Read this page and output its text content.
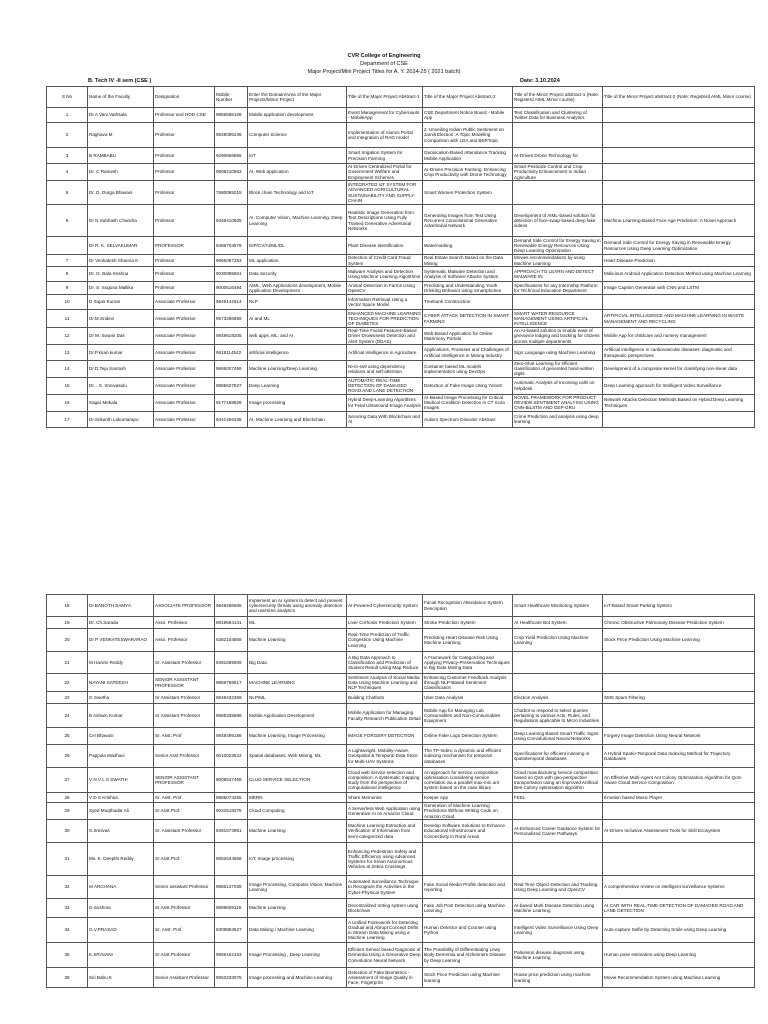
CVR College of Engineering
Department of CSE
Major Project/Mini Project Titles for A. Y. 2024-25 ( 2021 batch)
B. Tech IV -II sem (CSE )	Date: 3.10.2024
S No	Name of the Faculty	Designation	Mobile Number	Enter the Domain/Area of the Major Projects/Minor Project	Title of the Major Project Abstract-1	Title of the Major Project Abstract-2	Title of the Minor Project abstract-1 (Note: Registerd AIML Minor course)	Title of the Minor Project abstract-2 (Note: Registerd AIML Minor course)
1	Dr A Vani Vathsala	Professor and HOD CSE	9866586106	Mobile application development	Event Management for Cybernauts - MobileApp	CSE Department Notice Board - Mobile App	Text Classification and Clustering of Twitter Data for Business Analytics	
2	Raghava M	Professor	9848096236	Computer Science	Implementation of Alumni Portal and Integration of RAG model	2. Unveiling Indian Public Sentiment on Jamili Election: A Topic Modeling Comparison with LDA and BERTopic		
3	B RAMBABU	Professor	9290666865	IoT	Smart Irrigation System for Precision Farming	Geolocation-Based Attendance Tracking Mobile Application	AI-Driven Drone Technology for	
4	Dr. C Ramesh	Professor	9908210563	AI, Web application	AI-Driven Centralized Portal for Government Welfare and Employment Schemes	AI-Driven Precision Farming: Enhancing Crop Productivity with Drone Technology	Smart Pesticide Control and Crop Productivity Enhancement in Indian Agriculture	
5	Dr. D. Durga Bhavani	Professor	7680065015	Block chain Technology and IoT	INTEGRATED IoT SYSTEM FOR ADVANCED AGRICULTURAL SUSTAINABILITY AND SUPPLY CHAIN	Smart Women Protection System		
6	Dr N Subhash Chandra	Professor	9346410605	AI, Computer Vision, Machine Learning, Deep Learning	Realistic Image Generation from Text Descriptions Using Fully Trained Generative Adversarial Networks	Generating Images from Text Using Recurrent Convolutional Generative Adversarial Network	Development of AIML-based solution for detection of face-swap-based deep fake videos	Machine Learning-Based Face Age Prediction: A Novel Approach
	Dr R. K. SELVAKUMAR	PROFESSOR	9486703579	DIP/CV/AI/ML/DL	Plant Disease Identification	Watermarking	Demand Side Control for Energy Saving in Renewable Energy Resources Using Deep Learning Optimization	Demand Side Control for Energy Saving in Renewable Energy Resources Using Deep Learning Optimization
7	Dr Venkatesh Sharma K	Professor	9866087283	ML application	Detection of Credit Card Fraud System	Real Estate Search Based on the Data Mining	Movies recommendations by using Machine Learning	Heart Disease Prediction
8	Dr. G. Bala Krishna	Professor	9030995661	Data Security	Malware Analysis and Detection Using Machine Learning Algorithms	Systematic Malware Detection and Analysis of Software Attacks System	APPROACH TO LEARN AND DETECT MALWARE IN	Malicious Android Application Detection Method using Machine Learning
9	Dr. S. Suguna Mallika	Professor	9000516494	AIML, Web Applications development, Mobile Application Development	Animal Detection in Farms Using OpenCV	Predicting and Understanding Youth Drinking Behavior using Smartphones	Specifications for any Internship Platform for Technical Education Department	Image Caption Generator with CNN and LSTM
10	D Sujan Kumar	Associate Professor	9849142914	NLP	Information Retrieval Using a Vector Space Model	Treebank Construction		
11	Dr.M.Sridevi	Associate Professor	9573286859	AI and ML	ENHANCED MACHINE LEARNING TECHNIQUES FOR PREDICTION OF DIABETES	CYBER ATTACK DETECTION IN SMART FARMING	SMART WATER RESOURCE MANAGEMENT USING ARTIFICIAL INTELLIGENCE	ARTIFICIAL INTELLIGENCE AND MACHINE LEARNING IN WASTE MANAGEMENT AND RECYCLING
12	Dr M. Swami Das	Associate Professor	9849619205	web apps, ML, and AI	Real-Time Facial Features-Based Driver Drowsiness Detection and Alert System (DDAS)	Web-Based Application for Online Matrimony Portals	An AI-based solution to enable ease of grievance lodging and tracking for citizens across multiple departments	Mobile App for childcare and nursery management
13	Dr.P.kiran kumar	Associate Professor	9618114542	artificial intelligence	Artificial Intelligence in Agriculture	Applications, Promises and Challenges of Artificial Intelligence in Mining Industry	Sign Language using Machine Learning	Artificial intelligence in cardiovascular diseases: diagnostic and therapeutic perspectives
14	Dr.D.Teja Santosh	Associate Professor	9666007459	Machine Learning/Deep Learning	NI-to-ss9 using dependency relations and self-attention	Container based ML models implementation using DevOps	Zero-Shot Learning for efficient classification of generated hand-written digits	Development of a composite kernel for classifying non-linear data
15	Dr. . S. Srinivasulu	Associate Professor	9885627827	Deep Learning	AUTOMATIC REAL-TIME DETECTION OF DAMAGED ROAD AND LANE DETECTION	Detection of Fake Image Using Yolov5	Automatic Analysis of Incoming calls on helpdesk	Deep Learning approach for Intelligent Video Surveillance
16	Sagar Mekala	Associate Professor	9177168826	Image processing	Hybrid Deep-Learning Algorithms for Fetal Ultrasound-Image Analysis	AI-Based Image Processing for Critical Medical Condition Detection in CT Scan Images	NOVEL FRAMEWORK FOR PRODUCT REVIEW SENTIMENT ANALYSIS USING CNN-BiLSTM AND GEP-GRU	Network Attacks Detection Methods Based on Hybrid Deep Learning Techniques
17	Dr.Srikanth Lakumarapu	Associate Professor	9441456336	AI, Machine Learning and Blockchain	Securing Data With Blockchain and AI	Autism Spectrum Disorder Abstract	Crime Prediction and analysis using deep learning	
18	Dr.BANOTH SAMYA	ASSOCIATE PROFESSOR	9949286565	Implement an AI system to detect and prevent cybersecurity threats using anomaly detection and real-time analytics	AI-Powered Cybersecurity System	Facial Recognition Attendance System Description	Smart Healthcare Monitoring System	IoT-Based Smart Parking System
19	Dr. Ch.Sarada	Asso. Professor	8919564141	ML	Liver Cirrhosis Prediction System	Stroke Prediction System	AI Healthcare Bot System	Chronic Obstructive Pulmonary Disease Prediction System
20	Dr P VENKATESWARARAO	Asso. Professor	6382104869	Machine Learning	Real-Time Prediction of Traffic Congestion Using Machine Learning	Predicting Heart Disease Risk Using Machine Learning	Crop Yield Prediction Using Machine Learning	Stock Price Prediction Using Machine Learning
21	M Hanimi Reddy	Sr. Assistant Professor	9491869509	Big Data	A Big Data Approach to Classification and Prediction of Student Result Using Map Reduce	A Framework for Categorizing and Applying Privacy-Preservation Techniques in Big Data Mining Data		
22	NAYANI SATEESH	SENIOR ASSISTANT PROFESSOR	9866769617	MACHINE LEARNING	Sentiment Analysis of Social Media Data Using Machine Learning and NLP Techniques	Enhancing Customer Feedback Analysis through NLP-Based Sentiment Classification		
23	G Swetha	Sr Assistant Professor	9848432359	NLP/ML	Building Chatbots	Uber Data Analysis	Election Analysis	SMS Spam Filtering
24	B Ashwin Kumar	Sr Assistant Professor	9985335688	Mobile Application Development	Mobile Application for Managing Faculty Research Publication Detail	Mobile App for Managing Lab Consumables and Non-Consumables Equipment	Chatbot to respond to select queries pertaining to various Acts, Rules, and Regulations applicable to Micro Industries	
25	CH Bhavani	Sr. Asst. Prof	9849499188	Machine Learning, Image Processing	IMAGE FORGERY DETECTION	Online Fake Logo Detection System	Deep Learning Based Smart Traffic Signs Using Convolutional Neural Networks	Forgery Image Detection Using Neural Network
26	Pappula Madhavi	Senior Asst Professor	9010023522	Spatial databases, Web Mining, ML	A Lightweight, Mobility-Aware, Geospatial & Temporal Data Store for Multi-UAV Systems	The TP-Index: a dynamic and efficient indexing mechanism for temporal databases	Specifications for efficient indexing in spatiotemporal databases	A Hybrid Spatio-Temporal Data Indexing Method for Trajectory Databases
27	V N V L S SWATHI	SENIOR ASSISTANT PROFESSOR	8008527458	CLUD SERVICE SELECTION	Cloud web service selection and composition: A systematic mapping study from the perspective of computational intelligence	An approach for service composition optimisation considering service correlation via a parallel max-min ant system based on the case library	Cloud manufacturing service composition based on QoS with geo-perspective transportation using an improved Artificial Bee Colony optimisation algorithm	An Effective Multi-Agent Ant Colony Optimization Algorithm for QoS-Aware Cloud Service Composition
28	V D S Krishna	Sr. Asst. Prof.	9985074265	MERN	Share Memories	Keeper App	FEEL	Emotion based Music Player
29	Syed Muqthadar Ali	Sr.Asst.Prof.	9032518375	Cloud Computing	A Serverless Web Application using Generative AI on Amazon Cloud	Generation of Machine Learning Predictions Without Writing Code on Amazon Cloud		
30	S.Srinivas	Sr. Assistant Professor	9491873961	Machine Learning	Machine Learning Extraction and Verification of Information from semi-categorized data	Develop Software Solutions to Enhance Educational Infrastructure and Connectivity in Rural Areas	AI-Enhanced Career Guidance System for Personalized Career Pathways	AI-Driven Inclusive Assessment Tools for Skill Ecosystem
31	Ms. K. Deepthi Reddy	Sr.Asst.Prof.	9052644556	IoT, Image processing	Enhancing Pedestrian Safety and Traffic Efficiency using Advanced Systems for Smart Autonomous Vehicles at Zebra Crossings			
32	M ARCHANA	Senior assistant Professor	9866137039	Image Processing, Computer Vision, Machine Learning	Automated Surveillance Technique to Recognize the Activities in the Cyber-Physical System	Fake Social Media Profile detection and reporting	Real Time Object Detection and Tracking Using Deep Learning and OpenCV	A comprehensive review on intelligent surveillance systems
33	G.Sushma	Sr.Asst.Professor	9989609116	Machine Learning	Decentralized Voting system using Blockchain	Fake Job Post Detection using Machine Learning	AI-based Multi Disease Detection using Machine Learning	AI CAR WITH REAL-TIME DETECTION OF DAMAGED ROAD AND LANE DETECTION
34	G.V.PRASAD	Sr. Asst. Prof.	8309953627	Data Mining / Machine Learning	A Unified Framework for Detecting Gradual and Abrupt Concept Drifts in Stream Data Mining using a Machine Learning	Human Detector and Counter using Python	Intelligent Video Surveillance Using Deep Learning	Auto-capture Selfie by Detecting Smile using Deep Learning
35	K.SRAVANI	Sr.Asst.Professor	9966162163	Image Processing , Deep Learning	Efficient Sensor based Diagnosis of Dementia Using a Generative Deep Convolution Neural Network	The Possibility of Differentiating Lewy Body Dementia and Alzheimers Disease by Deep Learning	Parkinson disease diagnosis using Machine Learning	Human pose estimation using Deep Learning
36	Siri Babu K	Senior Assistant Professor	9553233075	Image processing and Machine Learning	Detection of Fake Biometrics - Assessment of Image Quality in Face, Fingerprint	Stock Price Prediction using Machine learning	House price prediction using machine learning	Movie Recommendation System using Machine Learning
